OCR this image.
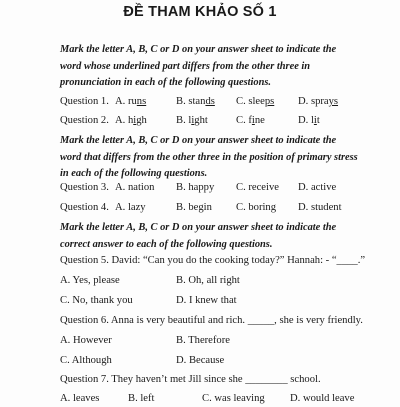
ĐỀ THAM KHẢO SỐ 1
Mark the letter A, B, C or D on your answer sheet to indicate the word whose underlined part differs from the other three in pronunciation in each of the following questions.
Question 1. A. runs	B. stands C. sleeps D. sprays
Question 2. A. high	B. light	C. fine	D. lit
Mark the letter A, B, C or D on your answer sheet to indicate the word that differs from the other three in the position of primary stress in each of the following questions.
Question 3. A. nation B. happy C. receive D. active
Question 4. A. lazy	B. begin C. boring D. student
Mark the letter A, B, C or D on your answer sheet to indicate the correct answer to each of the following questions.
Question 5. David: “Can you do the cooking today?” Hannah: - “____.”
A. Yes, please	B. Oh, all right
C. No, thank you	D. I knew that
Question 6. Anna is very beautiful and rich. _____, she is very friendly.
A. However	B. Therefore
C. Although	D. Because
Question 7. They haven’t met Jill since she ________ school.
A. leaves	B. left	C. was leaving D. would leave
